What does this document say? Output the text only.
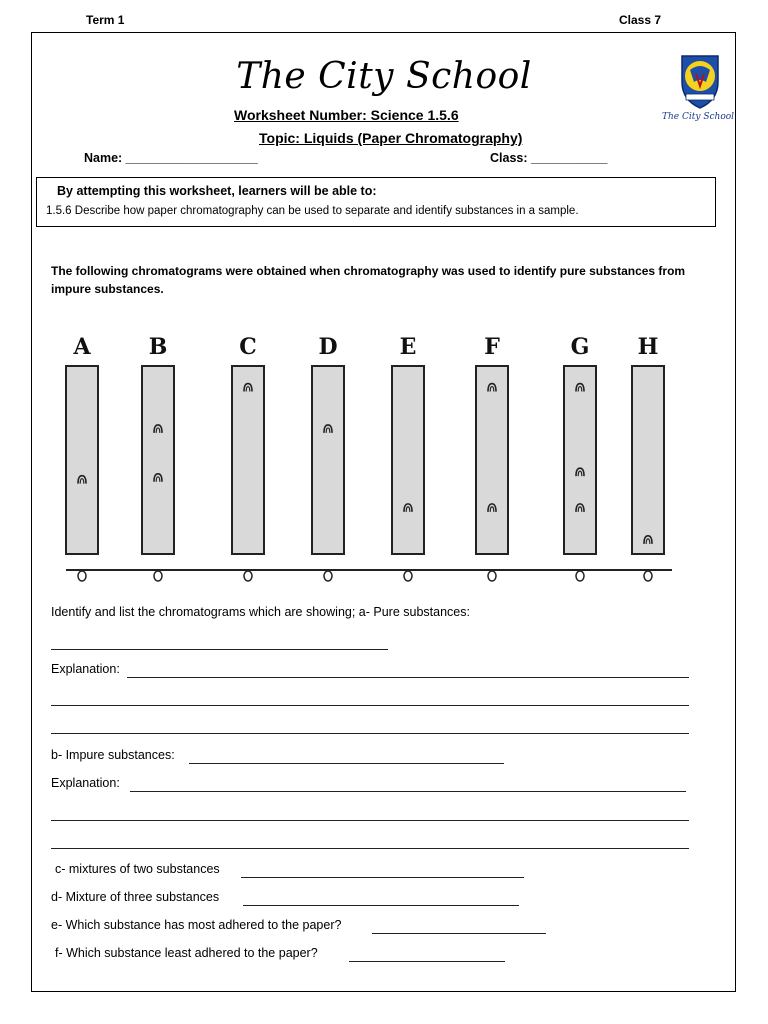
Term 1	Class 7
The City School
The City School
Worksheet Number: Science 1.5.6
Topic: Liquids (Paper Chromatography)
Name: ___________________	Class: ___________
By attempting this worksheet, learners will be able to:
1.5.6 Describe how paper chromatography can be used to separate and identify substances in a sample.
The following chromatograms were obtained when chromatography was used to identify pure substances from impure substances.
A	B	C	D	E	F	G H
Identify and list the chromatograms which are showing; a- Pure substances:
Explanation:
b- Impure substances:
Explanation:
c- mixtures of two substances
d- Mixture of three substances
e- Which substance has most adhered to the paper?
f- Which substance least adhered to the paper?
